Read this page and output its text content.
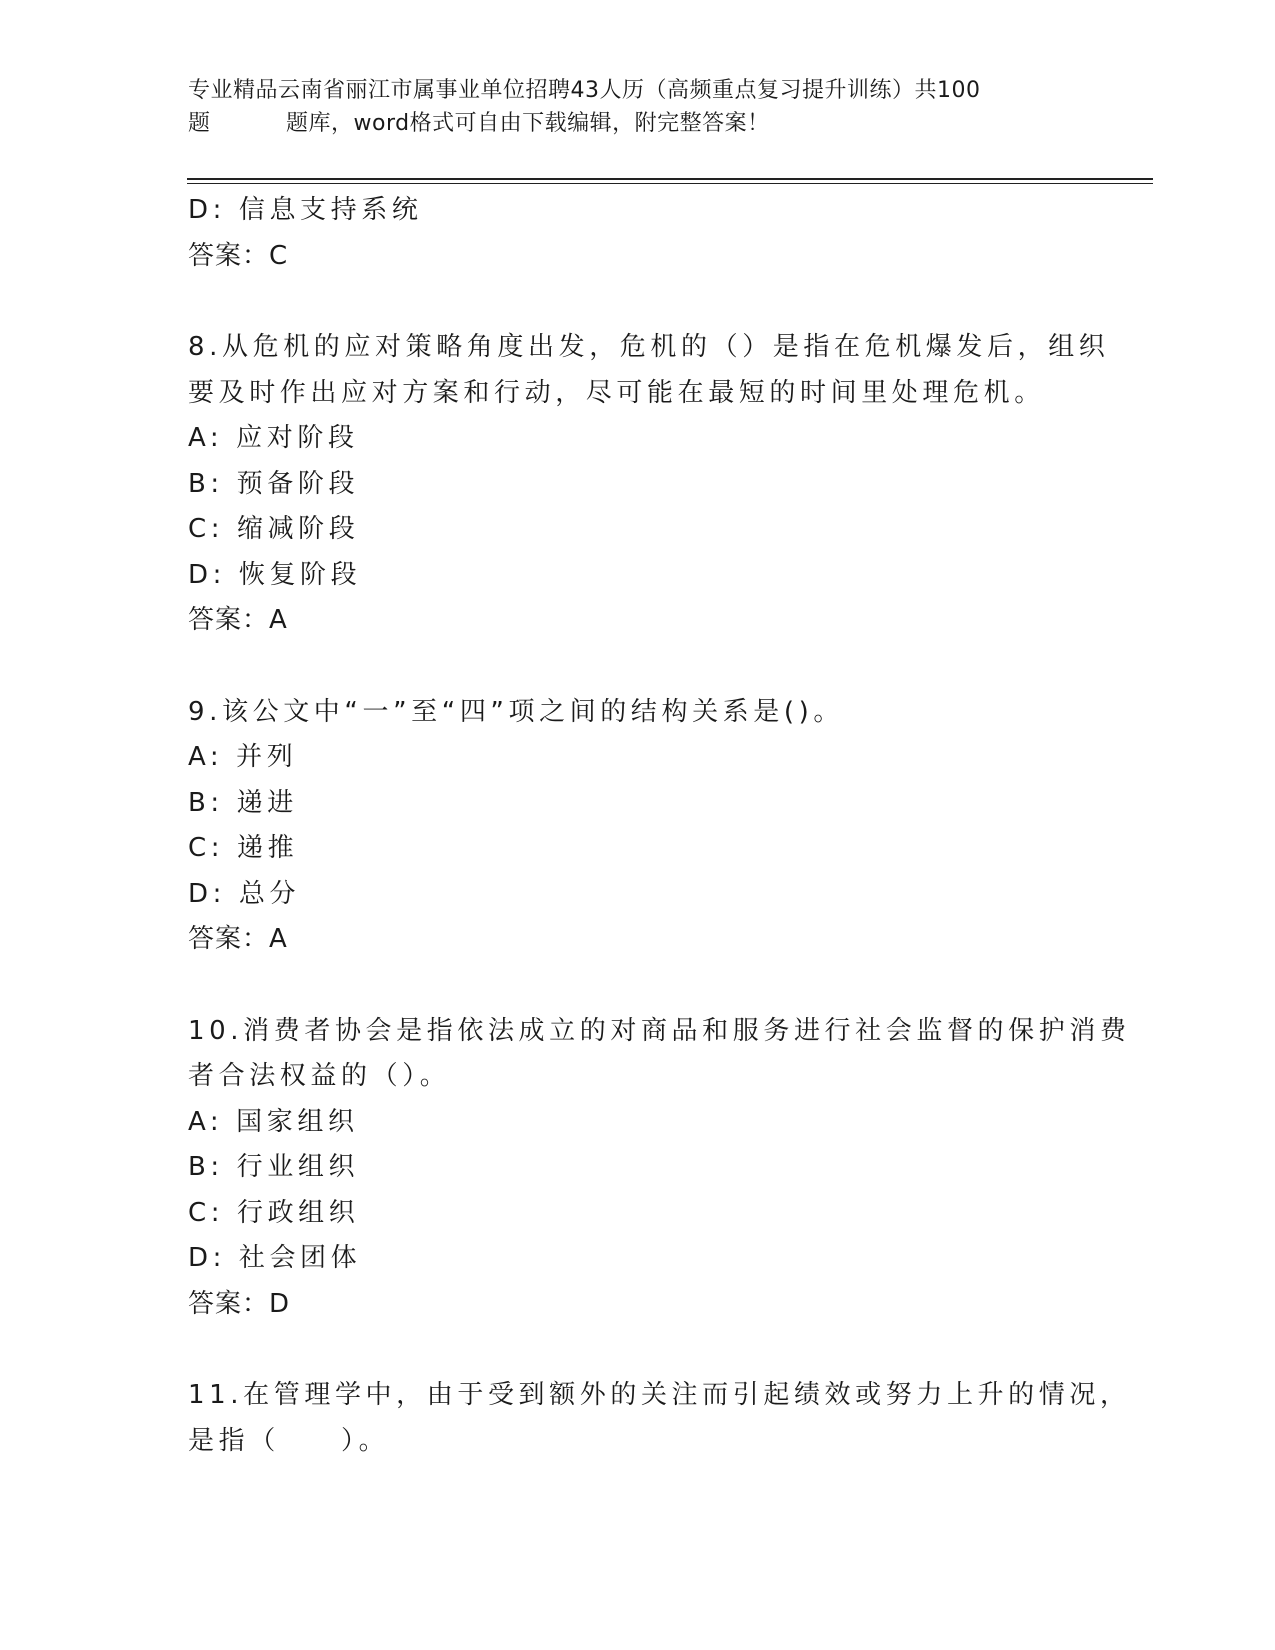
专业精品云南省丽江市属事业单位招聘43人历（高频重点复习提升训练）共100
题	题库，word格式可自由下载编辑，附完整答案！
D: 信息支持系统
答案：C
8.从危机的应对策略角度出发，危机的（）是指在危机爆发后，组织
要及时作出应对方案和行动，尽可能在最短的时间里处理危机。
A: 应对阶段
B: 预备阶段
C: 缩减阶段
D: 恢复阶段
答案：A
9.该公文中“一”至“四”项之间的结构关系是()。
A: 并列
B: 递进
C: 递推
D: 总分
答案：A
10.消费者协会是指依法成立的对商品和服务进行社会监督的保护消费
者合法权益的（）。
A: 国家组织
B: 行业组织
C: 行政组织
D: 社会团体
答案：D
11.在管理学中，由于受到额外的关注而引起绩效或努力上升的情况，
是指（　　）。
